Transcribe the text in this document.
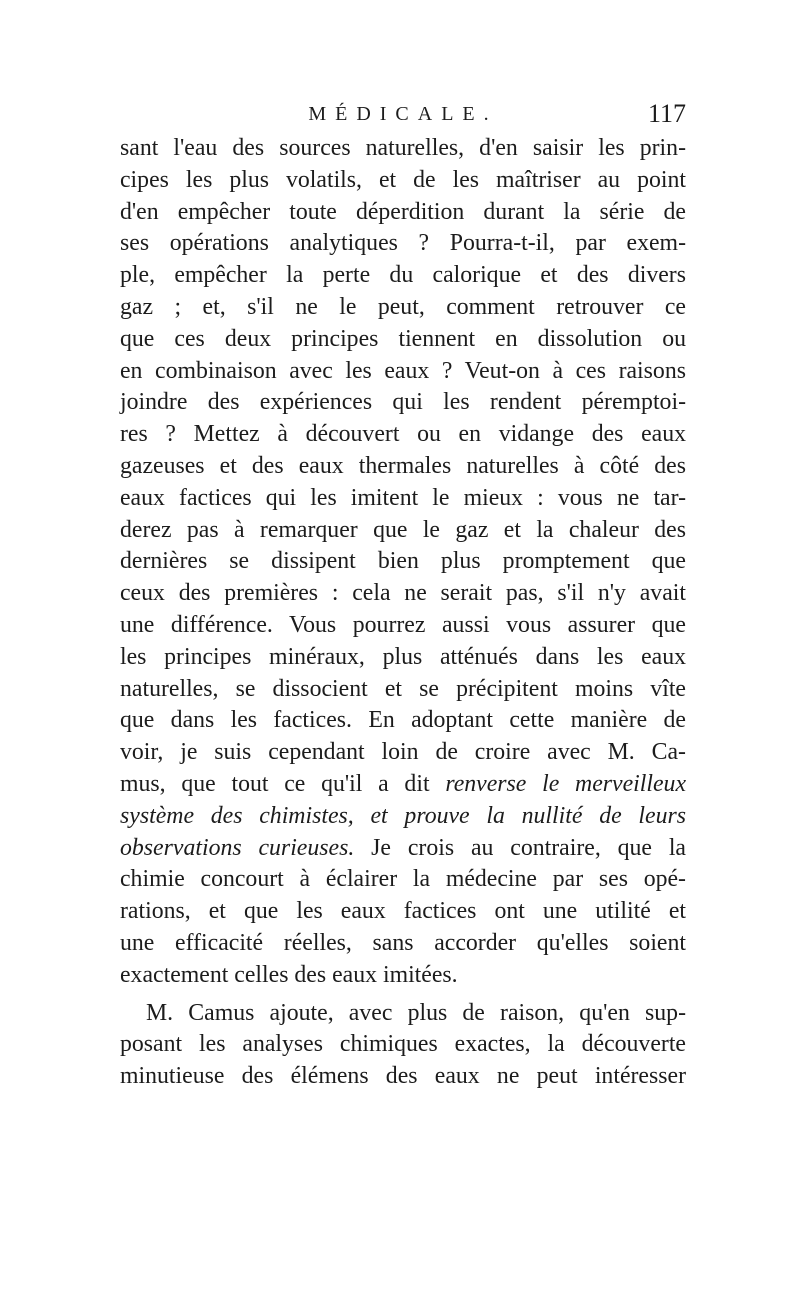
MÉDICALE.	117
sant l'eau des sources naturelles, d'en saisir les prin-
cipes les plus volatils, et de les maîtriser au point
d'en empêcher toute déperdition durant la série de
ses opérations analytiques ? Pourra-t-il, par exem-
ple, empêcher la perte du calorique et des divers
gaz ; et, s'il ne le peut, comment retrouver ce
que ces deux principes tiennent en dissolution ou
en combinaison avec les eaux ? Veut-on à ces raisons
joindre des expériences qui les rendent péremptoi-
res ? Mettez à découvert ou en vidange des eaux
gazeuses et des eaux thermales naturelles à côté des
eaux factices qui les imitent le mieux : vous ne tar-
derez pas à remarquer que le gaz et la chaleur des
dernières se dissipent bien plus promptement que
ceux des premières : cela ne serait pas, s'il n'y avait
une différence. Vous pourrez aussi vous assurer que
les principes minéraux, plus atténués dans les eaux
naturelles, se dissocient et se précipitent moins vîte
que dans les factices. En adoptant cette manière de
voir, je suis cependant loin de croire avec M. Ca-
mus, que tout ce qu'il a dit renverse le merveilleux
système des chimistes, et prouve la nullité de leurs
observations curieuses. Je crois au contraire, que la
chimie concourt à éclairer la médecine par ses opé-
rations, et que les eaux factices ont une utilité et
une efficacité réelles, sans accorder qu'elles soient
exactement celles des eaux imitées.
M. Camus ajoute, avec plus de raison, qu'en sup-
posant les analyses chimiques exactes, la découverte
minutieuse des élémens des eaux ne peut intéresser
